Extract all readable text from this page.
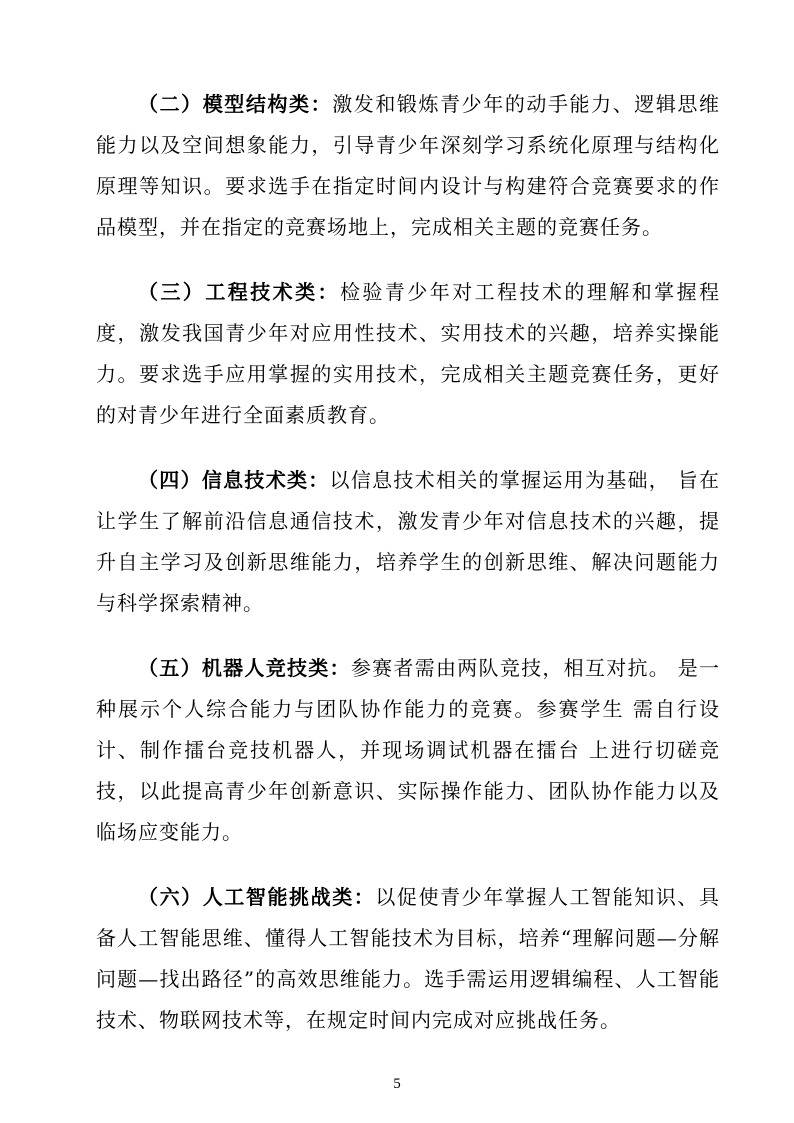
（二）模型结构类：激发和锻炼青少年的动手能力、逻辑思维能力以及空间想象能力，引导青少年深刻学习系统化原理与结构化原理等知识。要求选手在指定时间内设计与构建符合竞赛要求的作品模型，并在指定的竞赛场地上，完成相关主题的竞赛任务。

（三）工程技术类：检验青少年对工程技术的理解和掌握程度，激发我国青少年对应用性技术、实用技术的兴趣，培养实操能力。要求选手应用掌握的实用技术，完成相关主题竞赛任务，更好的对青少年进行全面素质教育。

（四）信息技术类：以信息技术相关的掌握运用为基础， 旨在让学生了解前沿信息通信技术，激发青少年对信息技术的兴趣，提升自主学习及创新思维能力，培养学生的创新思维、解决问题能力与科学探索精神。

（五）机器人竞技类：参赛者需由两队竞技，相互对抗。 是一种展示个人综合能力与团队协作能力的竞赛。参赛学生 需自行设计、制作擂台竞技机器人，并现场调试机器在擂台 上进行切磋竞技，以此提高青少年创新意识、实际操作能力、团队协作能力以及临场应变能力。

（六）人工智能挑战类：以促使青少年掌握人工智能知识、具备人工智能思维、懂得人工智能技术为目标，培养“理解问题—分解问题—找出路径”的高效思维能力。选手需运用逻辑编程、人工智能技术、物联网技术等，在规定时间内完成对应挑战任务。

5
